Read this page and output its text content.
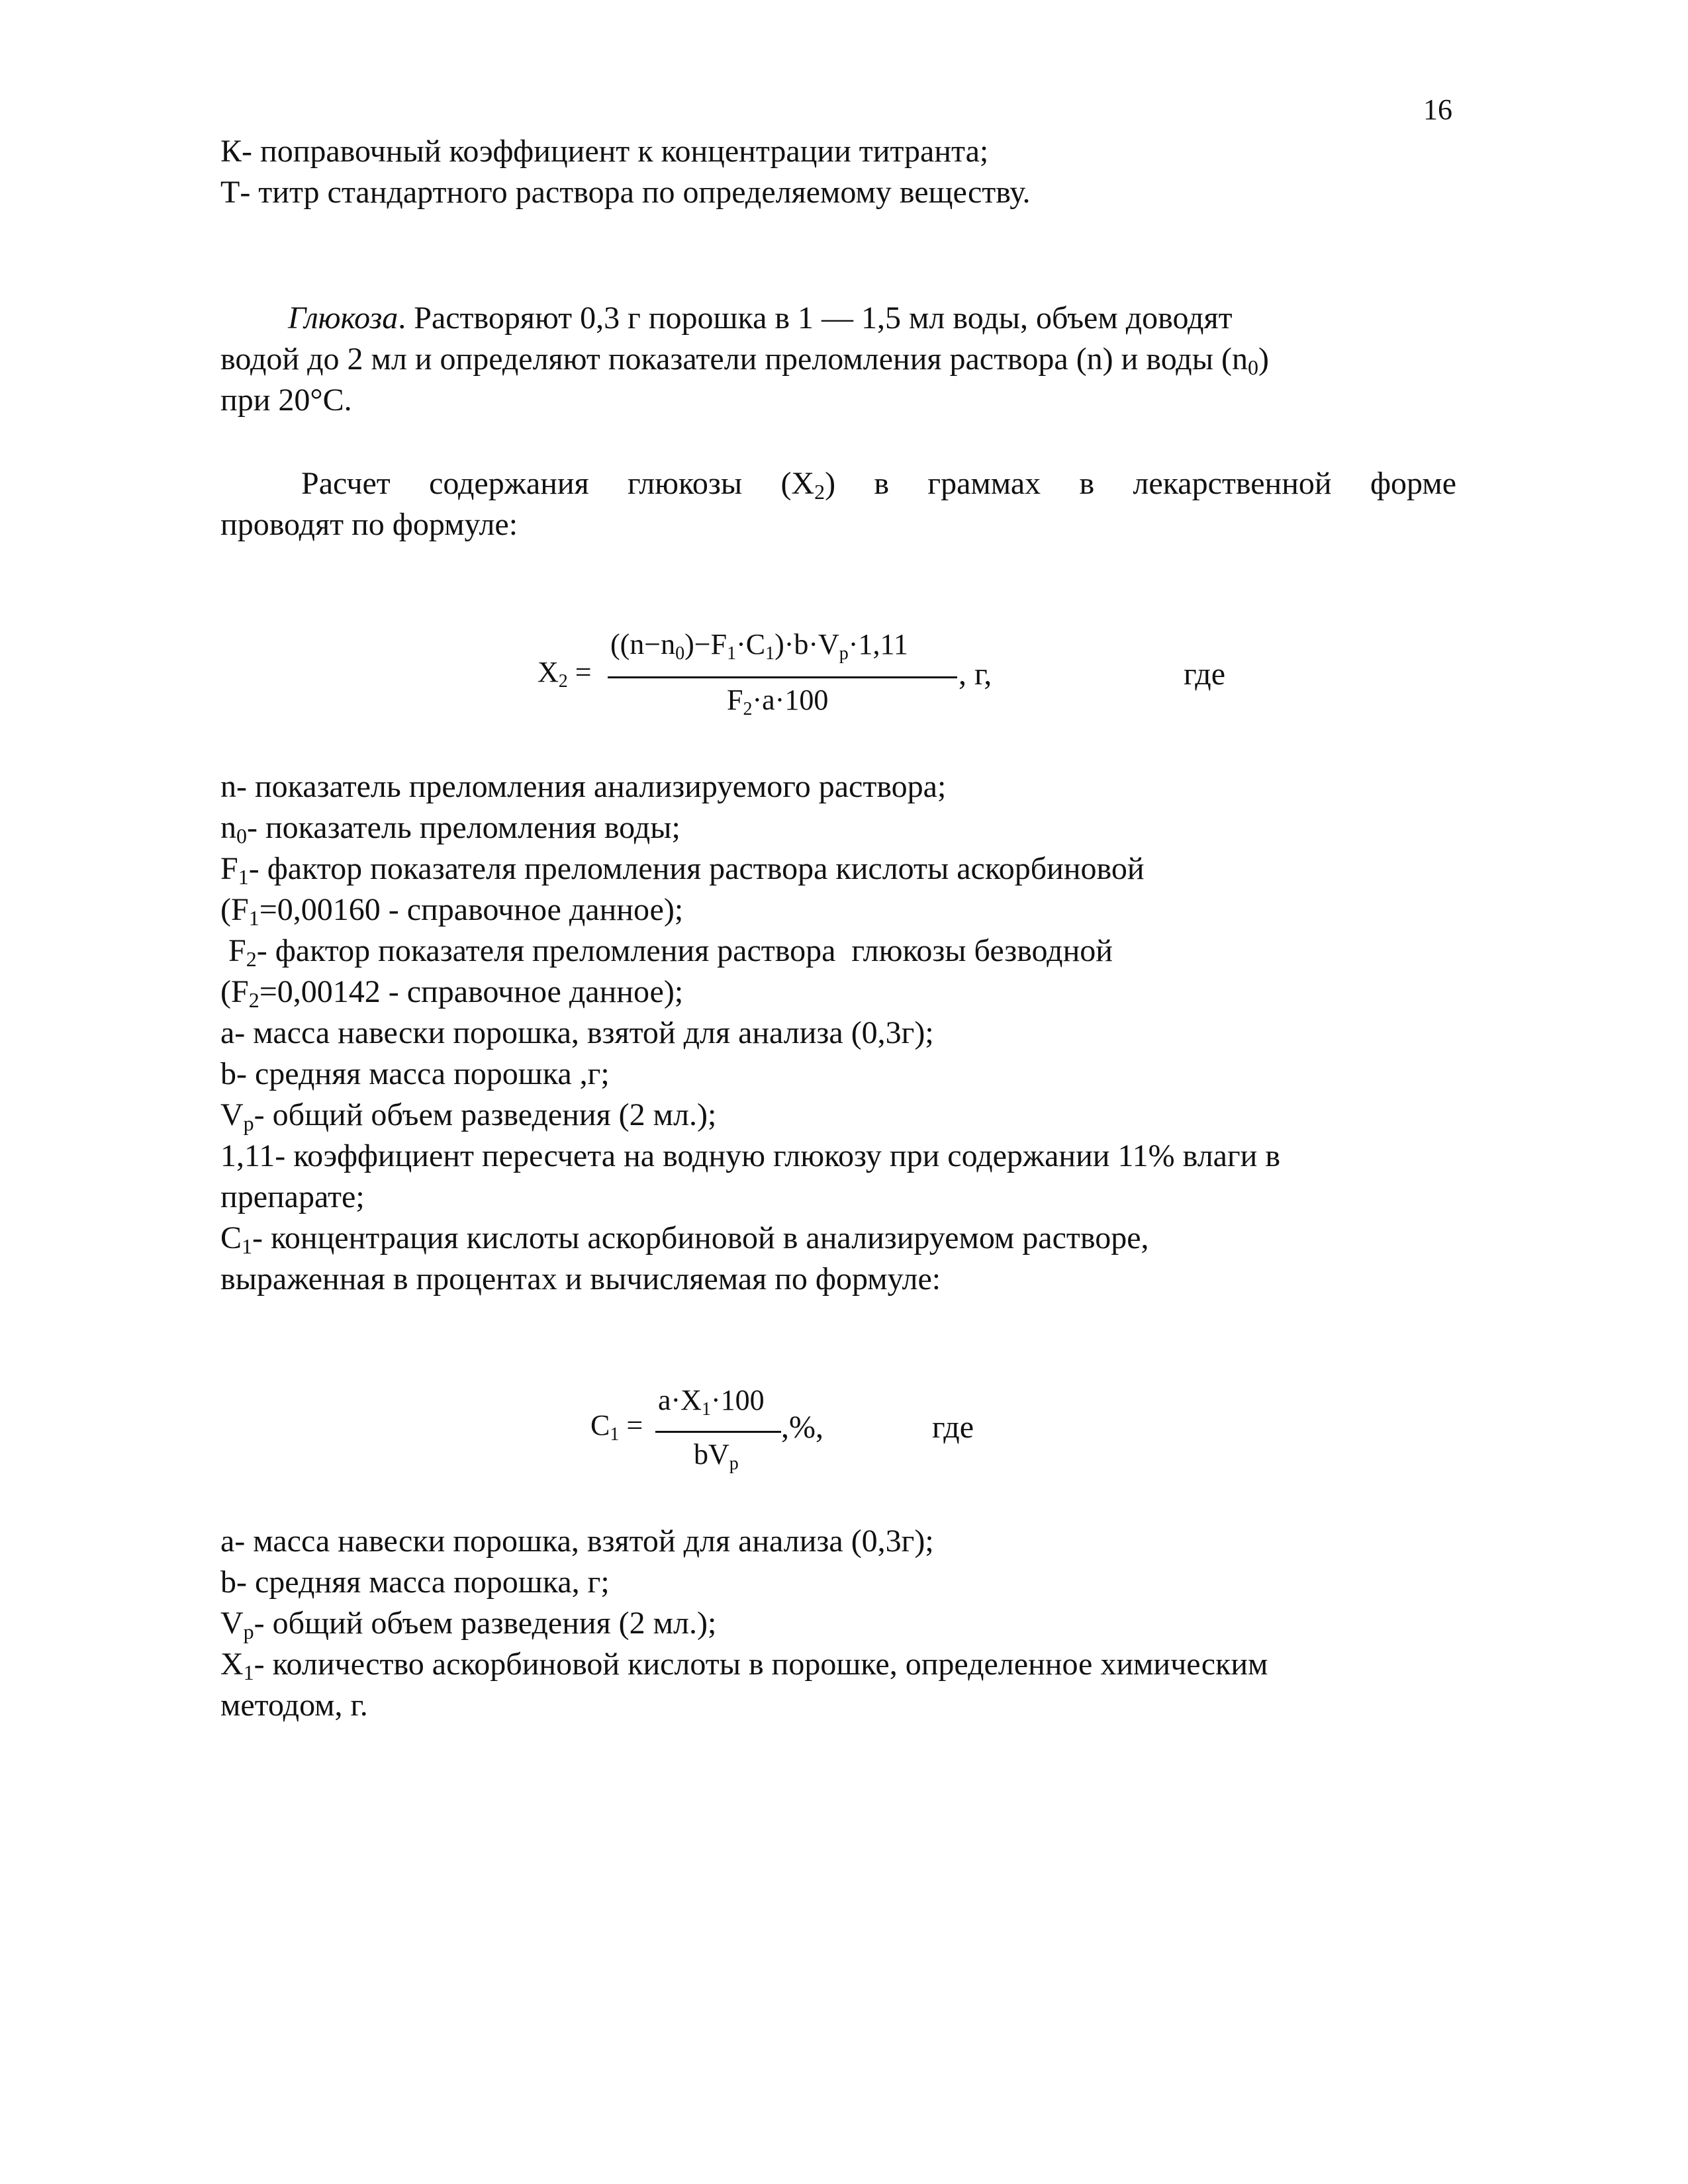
16
К- поправочный коэффициент к концентрации титранта;
Т- титр стандартного раствора по определяемому веществу.
Глюкоза. Растворяют 0,3 г порошка в 1 — 1,5 мл воды, объем доводят
водой до 2 мл и определяют показатели преломления раствора (n) и воды $(n_0)$
при 20°С.
Расчет содержания глюкозы $(Х_2)$ в граммах в лекарственной форме
проводят по формуле:
$X_2$ =
$((n-n_0)-F_1\cdot C_1)\cdot b\cdot V_p\cdot 1,11$
$F_2\cdot a\cdot 100$
, г,	где
n- показатель преломления анализируемого раствора;
$n_0-$ показатель преломления воды;
$F_1-$ фактор показателя преломления раствора кислоты аскорбиновой
($F_1=0,00160$ - справочное данное);
$F_2-$ фактор показателя преломления раствора  глюкозы безводной
($F_2=0,00142$ - справочное данное);
а- масса навески порошка, взятой для анализа (0,3г);
b- средняя масса порошка ,г;
$V_р-$ общий объем разведения (2 мл.);
1,11- коэффициент пересчета на водную глюкозу при содержании 11% влаги в
препарате;
$C_1-$ концентрация кислоты аскорбиновой в анализируемом растворе,
выраженная в процентах и вычисляемая по формуле:
$C_1$ =
$a\cdot X_1\cdot 100$
$bV_p$
,%,	где
а- масса навески порошка, взятой для анализа (0,3г);
b- средняя масса порошка, г;
$V_р-$ общий объем разведения (2 мл.);
$X_1-$ количество аскорбиновой кислоты в порошке, определенное химическим
методом, г.
